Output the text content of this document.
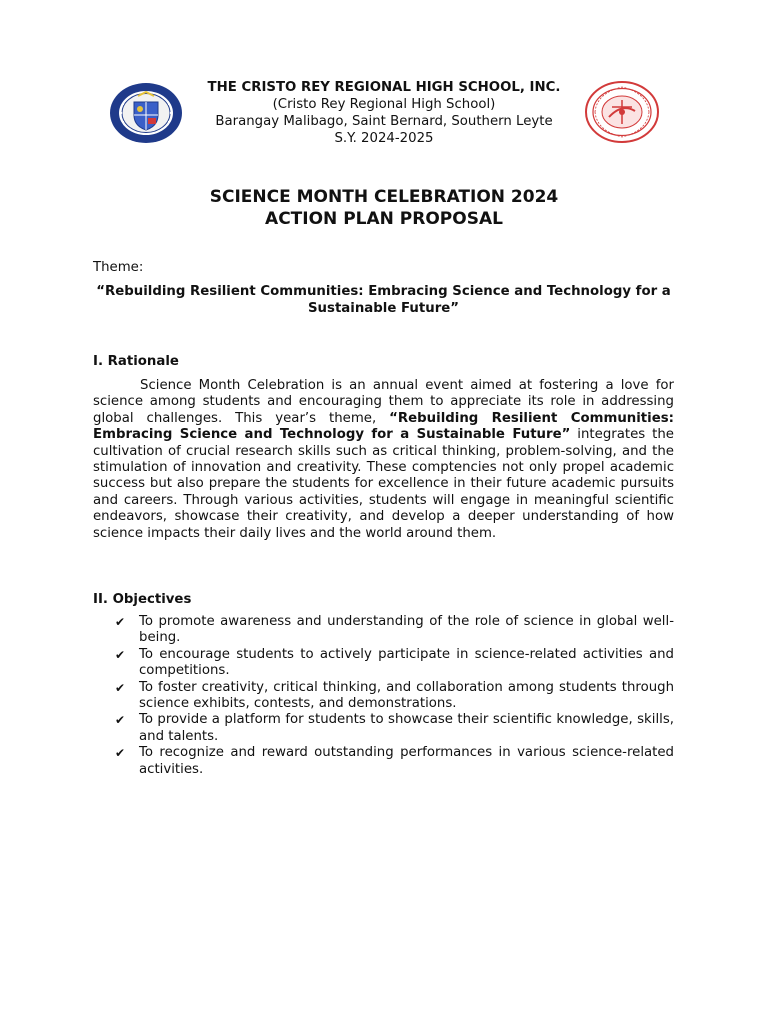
THE CRISTO REY REGIONAL HIGH SCHOOL, INC.
(Cristo Rey Regional High School)
Barangay Malibago, Saint Bernard, Southern Leyte
S.Y. 2024-2025
SCIENCE MONTH CELEBRATION 2024
ACTION PLAN PROPOSAL
Theme:
“Rebuilding Resilient Communities: Embracing Science and Technology for a Sustainable Future”
I. Rationale

Science Month Celebration is an annual event aimed at fostering a love for science among students and encouraging them to appreciate its role in addressing global challenges. This year’s theme, “Rebuilding Resilient Communities: Embracing Science and Technology for a Sustainable Future” integrates the cultivation of crucial research skills such as critical thinking, problem-solving, and the stimulation of innovation and creativity. These comptencies not only propel academic success but also prepare the students for excellence in their future academic pursuits and careers. Through various activities, students will engage in meaningful scientific endeavors, showcase their creativity, and develop a deeper understanding of how science impacts their daily lives and the world around them.

II. Objectives
✔ To promote awareness and understanding of the role of science in global well-being.
✔ To encourage students to actively participate in science-related activities and competitions.
✔ To foster creativity, critical thinking, and collaboration among students through science exhibits, contests, and demonstrations.
✔ To provide a platform for students to showcase their scientific knowledge, skills, and talents.
✔ To recognize and reward outstanding performances in various science-related activities.
